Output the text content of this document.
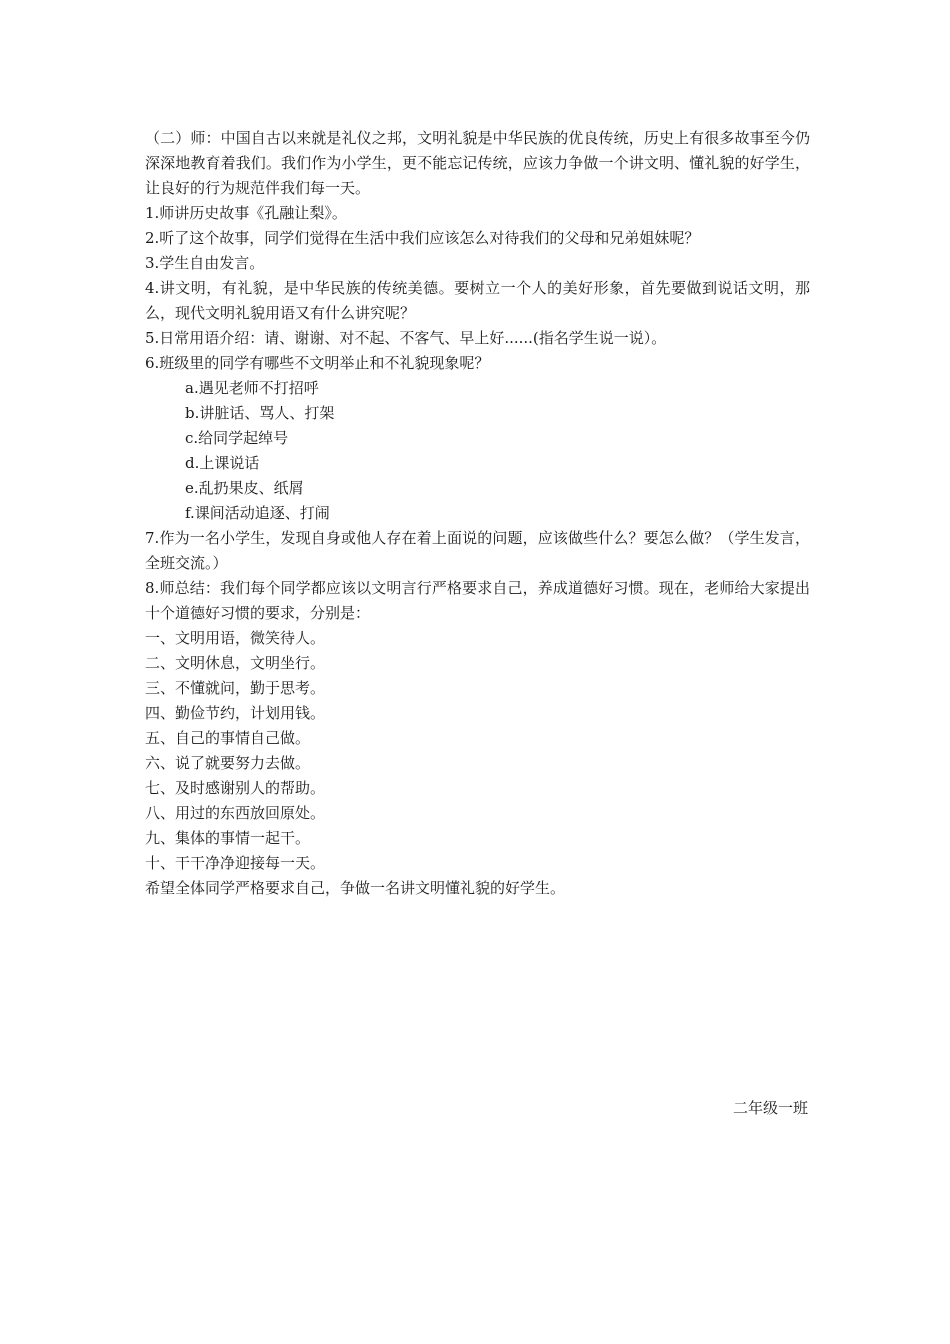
（二）师：中国自古以来就是礼仪之邦，文明礼貌是中华民族的优良传统，历史上有很多故事至今仍深深地教育着我们。我们作为小学生，更不能忘记传统，应该力争做一个讲文明、懂礼貌的好学生，让良好的行为规范伴我们每一天。
1.师讲历史故事《孔融让梨》。
2.听了这个故事，同学们觉得在生活中我们应该怎么对待我们的父母和兄弟姐妹呢？
3.学生自由发言。
4.讲文明，有礼貌，是中华民族的传统美德。要树立一个人的美好形象，首先要做到说话文明，那么，现代文明礼貌用语又有什么讲究呢？
5.日常用语介绍：请、谢谢、对不起、不客气、早上好......(指名学生说一说）。
6.班级里的同学有哪些不文明举止和不礼貌现象呢？
a.遇见老师不打招呼
b.讲脏话、骂人、打架
c.给同学起绰号
d.上课说话
e.乱扔果皮、纸屑
f.课间活动追逐、打闹
7.作为一名小学生，发现自身或他人存在着上面说的问题，应该做些什么？要怎么做？（学生发言，全班交流。）
8.师总结：我们每个同学都应该以文明言行严格要求自己，养成道德好习惯。现在，老师给大家提出十个道德好习惯的要求，分别是：
一、文明用语，微笑待人。
二、文明休息，文明坐行。
三、不懂就问，勤于思考。
四、勤俭节约，计划用钱。
五、自己的事情自己做。
六、说了就要努力去做。
七、及时感谢别人的帮助。
八、用过的东西放回原处。
九、集体的事情一起干。
十、干干净净迎接每一天。
希望全体同学严格要求自己，争做一名讲文明懂礼貌的好学生。
二年级一班
